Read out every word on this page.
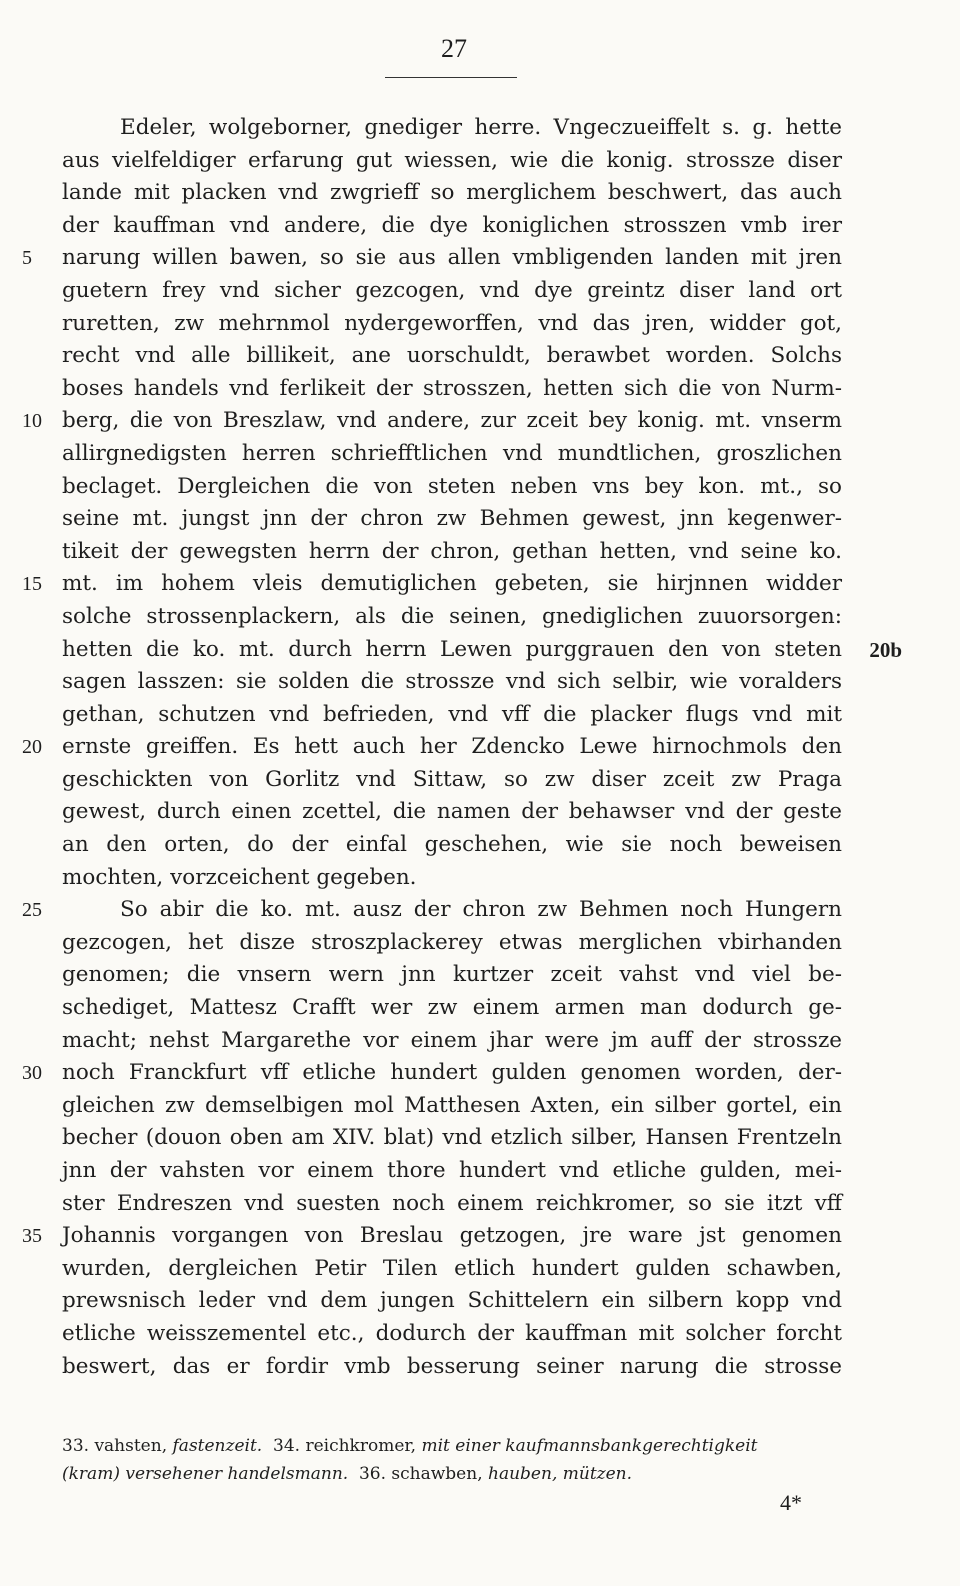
27
Edeler, wolgeborner, gnediger herre. Vngeczueiffelt s. g. hette
aus vielfeldiger erfarung gut wiessen, wie die konig. strossze diser
lande mit placken vnd zwgrieff so merglichem beschwert, das auch
der kauffman vnd andere, die dye koniglichen strosszen vmb irer
5	narung willen bawen, so sie aus allen vmbligenden landen mit jren
guetern frey vnd sicher gezcogen, vnd dye greintz diser land ort
ruretten, zw mehrnmol nydergeworffen, vnd das jren, widder got,
recht vnd alle billikeit, ane uorschuldt, berawbet worden. Solchs
boses handels vnd ferlikeit der strosszen, hetten sich die von Nurm-
10 berg, die von Breszlaw, vnd andere, zur zceit bey konig. mt. vnserm
allirgnedigsten herren schriefftlichen vnd mundtlichen, groszlichen
beclaget. Dergleichen die von steten neben vns bey kon. mt., so
seine mt. jungst jnn der chron zw Behmen gewest, jnn kegenwer-
tikeit der gewegsten herrn der chron, gethan hetten, vnd seine ko.
15 mt. im hohem vleis demutiglichen gebeten, sie hirjnnen widder
solche strossenplackern, als die seinen, gnediglichen zuuorsorgen:
hetten die ko. mt. durch herrn Lewen purggrauen den von steten 20b
sagen lasszen: sie solden die strossze vnd sich selbir, wie voralders
gethan, schutzen vnd befrieden, vnd vff die placker flugs vnd mit
20 ernste greiffen. Es hett auch her Zdencko Lewe hirnochmols den
geschickten von Gorlitz vnd Sittaw, so zw diser zceit zw Praga
gewest, durch einen zcettel, die namen der behawser vnd der geste
an den orten, do der einfal geschehen, wie sie noch beweisen
mochten, vorzceichent gegeben.
25	So abir die ko. mt. ausz der chron zw Behmen noch Hungern
gezcogen, het disze stroszplackerey etwas merglichen vbirhanden
genomen; die vnsern wern jnn kurtzer zceit vahst vnd viel be-
schediget, Mattesz Crafft wer zw einem armen man dodurch ge-
macht; nehst Margarethe vor einem jhar were jm auff der strossze
30 noch Franckfurt vff etliche hundert gulden genomen worden, der-
gleichen zw demselbigen mol Matthesen Axten, ein silber gortel, ein
becher (douon oben am XIV. blat) vnd etzlich silber, Hansen Frentzeln
jnn der vahsten vor einem thore hundert vnd etliche gulden, mei-
ster Endreszen vnd suesten noch einem reichkromer, so sie itzt vff
35 Johannis vorgangen von Breslau getzogen, jre ware jst genomen
wurden, dergleichen Petir Tilen etlich hundert gulden schawben,
prewsnisch leder vnd dem jungen Schittelern ein silbern kopp vnd
etliche weisszementel etc., dodurch der kauffman mit solcher forcht
beswert, das er fordir vmb besserung seiner narung die strosse
33. vahsten, fastenzeit. 34. reichkromer, mit einer kaufmannsbankgerechtigkeit
(kram) versehener handelsmann. 36. schawben, hauben, mützen.
4*
